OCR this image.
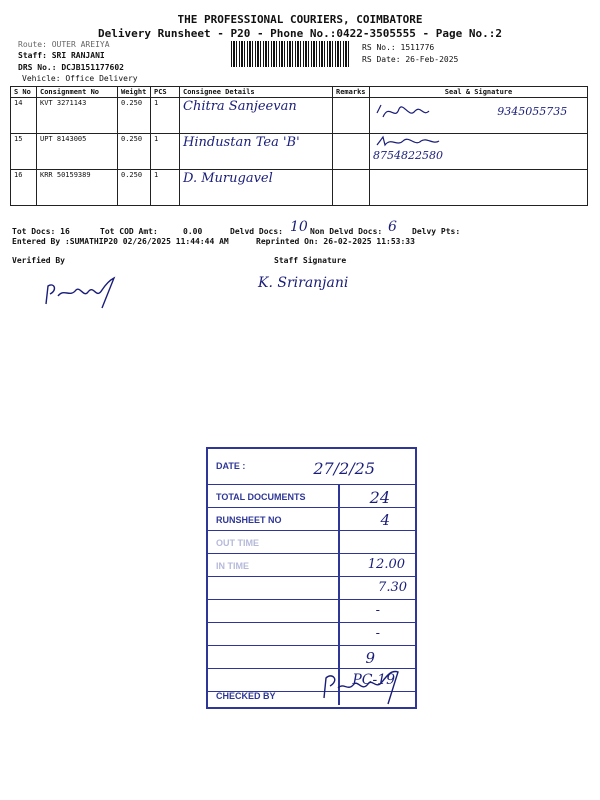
THE PROFESSIONAL COURIERS, COIMBATORE
Delivery Runsheet - P20 - Phone No.:0422-3505555 - Page No.:2
Route: OUTER AREIYA
Staff: SRI RANJANI
DRS No.: DCJB151177602
Vehicle: Office Delivery
RS No.: 1511776
RS Date: 26-Feb-2025
S No	Consignment No	Weight	PCS	Consignee Details	Remarks	Seal & Signature
14	KVT 3271143	0.250	1	Chitra Sanjeevan		9345055735
15	UPT 8143005	0.250	1	Hindustan Tea 'B'		8754822580

16	KRR 50159389	0.250	1	D. Murugavel		
Tot Docs: 16	Tot COD Amt:	0.00	Delvd Docs: 10 Non Delvd Docs: 6 Delvy Pts:
Entered By :SUMATHIP20 02/26/2025 11:44:44 AM	Reprinted On: 26-02-2025 11:53:33
Verified By	Staff Signature
K. Sriranjani
DATE :	27/2/25
TOTAL DOCUMENTS	24
RUNSHEET NO	4
OUT TIME
IN TIME	12.00
7.30
-
-
9
PC-19
CHECKED BY
